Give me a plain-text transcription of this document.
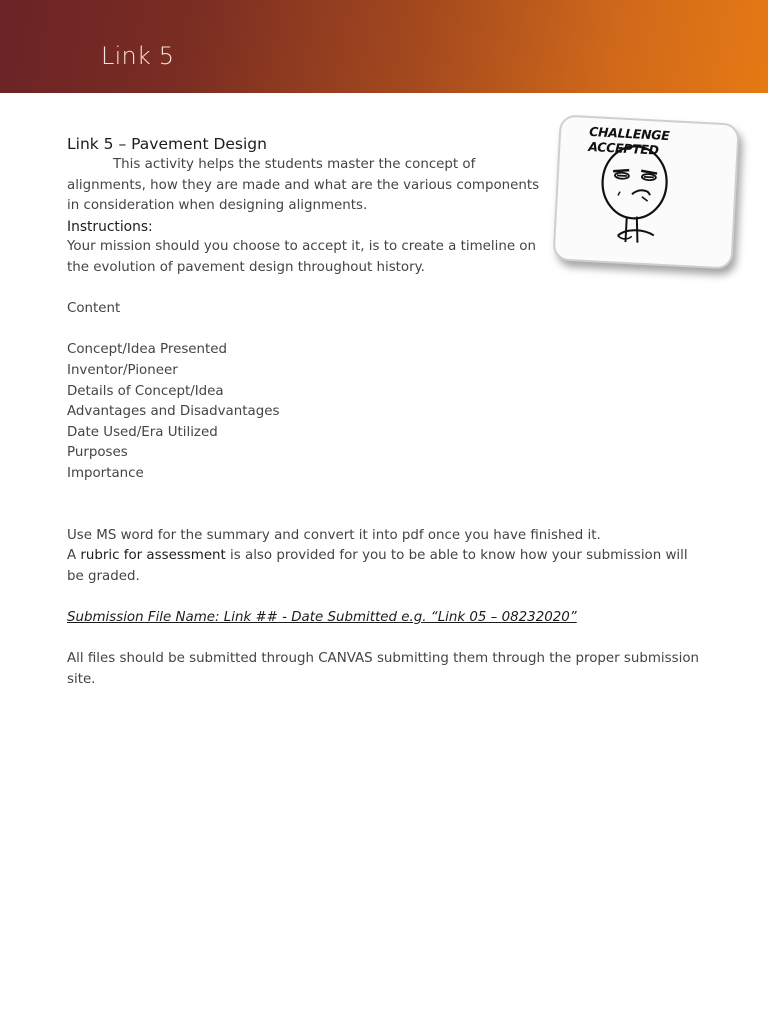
Link 5
CHALLENGE ACCEPTED

Link 5 – Pavement Design

This activity helps the students master the concept of alignments, how they are made and what are the various components in consideration when designing alignments.

Instructions:

Your mission should you choose to accept it, is to create a timeline on the evolution of pavement design throughout history.

Content

Concept/Idea Presented

Inventor/Pioneer

Details of Concept/Idea

Advantages and Disadvantages

Date Used/Era Utilized

Purposes

Importance

Use MS word for the summary and convert it into pdf once you have finished it.

A rubric for assessment is also provided for you to be able to know how your submission will be graded.

Submission File Name: Link ## - Date Submitted e.g. “Link 05 – 08232020”

All files should be submitted through CANVAS submitting them through the proper submission site.
